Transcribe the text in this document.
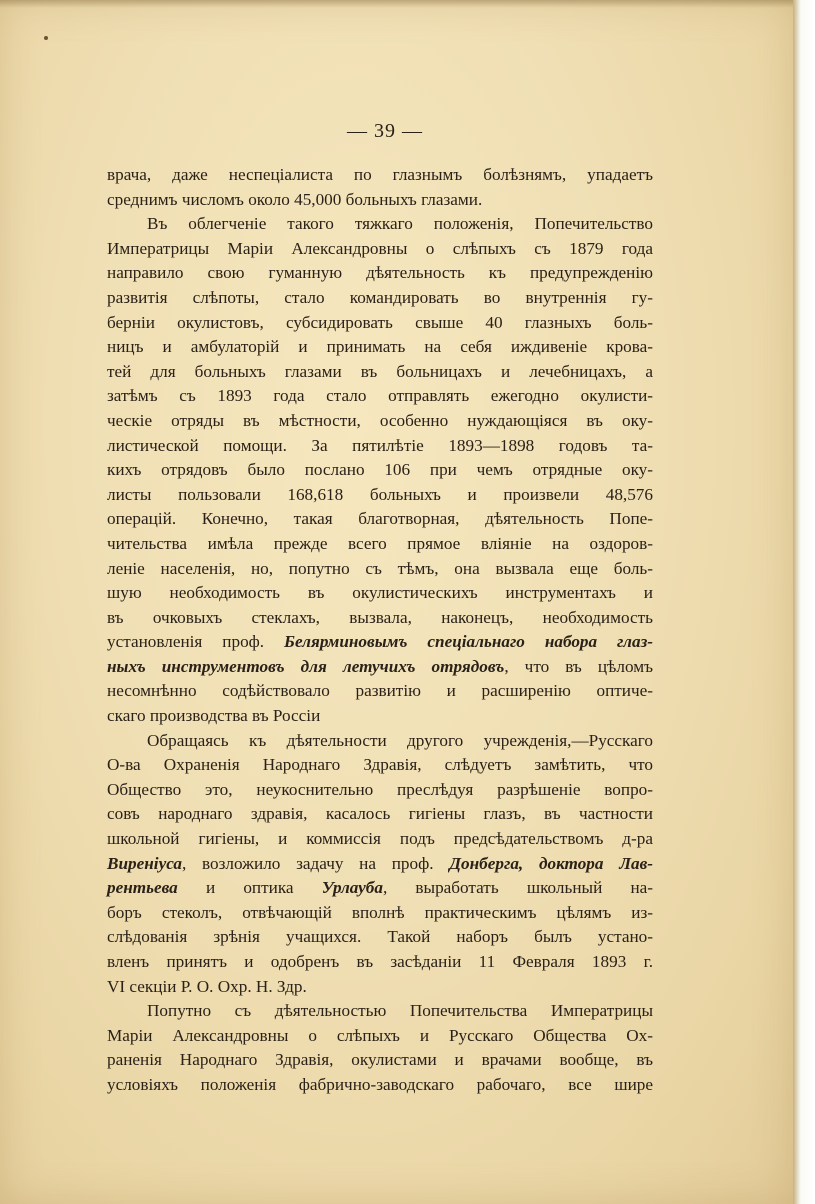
— 39 —
врача, даже неспеціалиста по глазнымъ болѣзнямъ, упадаетъ
среднимъ числомъ около 45,000 больныхъ глазами.
Въ облегченіе такого тяжкаго положенія, Попечительство
Императрицы Маріи Александровны о слѣпыхъ съ 1879 года
направило свою гуманную дѣятельность къ предупрежденію
развитія слѣпоты, стало командировать во внутреннія гу-
берніи окулистовъ, субсидировать свыше 40 глазныхъ боль-
ницъ и амбулаторій и принимать на себя иждивеніе крова-
тей для больныхъ глазами въ больницахъ и лечебницахъ, а
затѣмъ съ 1893 года стало отправлять ежегодно окулисти-
ческіе отряды въ мѣстности, особенно нуждающіяся въ оку-
листической помощи. За пятилѣтіе 1893—1898 годовъ та-
кихъ отрядовъ было послано 106 при чемъ отрядные оку-
листы пользовали 168,618 больныхъ и произвели 48,576
операцій. Конечно, такая благотворная, дѣятельность Попе-
чительства имѣла прежде всего прямое вліяніе на оздоров-
леніе населенія, но, попутно съ тѣмъ, она вызвала еще боль-
шую необходимость въ окулистическихъ инструментахъ и
въ очковыхъ стеклахъ, вызвала, наконецъ, необходимость
установленія проф. Белярминовымъ спеціальнаго набора глаз-
ныхъ инструментовъ для летучихъ отрядовъ, что въ цѣломъ
несомнѣнно содѣйствовало развитію и расширенію оптиче-
скаго производства въ Россіи
Обращаясь къ дѣятельности другого учрежденія,—Русскаго
О-ва Охраненія Народнаго Здравія, слѣдуетъ замѣтить, что
Общество это, неукоснительно преслѣдуя разрѣшеніе вопро-
совъ народнаго здравія, касалось гигіены глазъ, въ частности
школьной гигіены, и коммиссія подъ предсѣдательствомъ д-ра
Виреніуса, возложило задачу на проф. Донберга, доктора Лав-
рентьева и оптика Урлауба, выработать школьный на-
боръ стеколъ, отвѣчающій вполнѣ практическимъ цѣлямъ из-
слѣдованія зрѣнія учащихся. Такой наборъ былъ устано-
вленъ принятъ и одобренъ въ засѣданіи 11 Февраля 1893 г.
VI секціи Р. О. Охр. Н. Здр.
Попутно съ дѣятельностью Попечительства Императрицы
Маріи Александровны о слѣпыхъ и Русскаго Общества Ох-
раненія Народнаго Здравія, окулистами и врачами вообще, въ
условіяхъ положенія фабрично-заводскаго рабочаго, все шире
